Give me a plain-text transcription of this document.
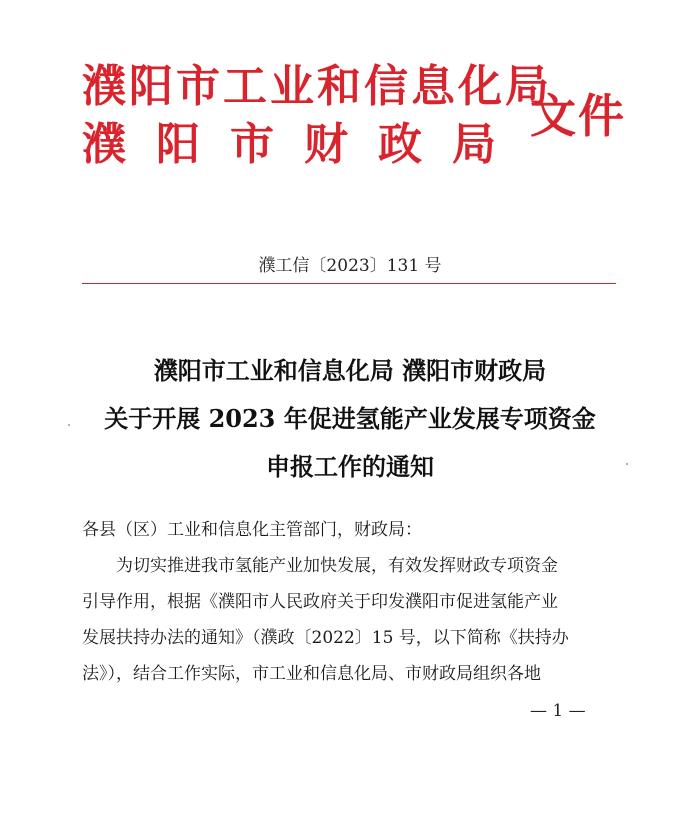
濮阳市工业和信息化局
濮阳市财政局
文件
濮工信〔2023〕131 号
濮阳市工业和信息化局 濮阳市财政局
关于开展 2023 年促进氢能产业发展专项资金
申报工作的通知
各县（区）工业和信息化主管部门，财政局：
为切实推进我市氢能产业加快发展，有效发挥财政专项资金
引导作用，根据《濮阳市人民政府关于印发濮阳市促进氢能产业
发展扶持办法的通知》（濮政〔2022〕15 号，以下简称《扶持办
法》），结合工作实际，市工业和信息化局、市财政局组织各地
— 1 —
